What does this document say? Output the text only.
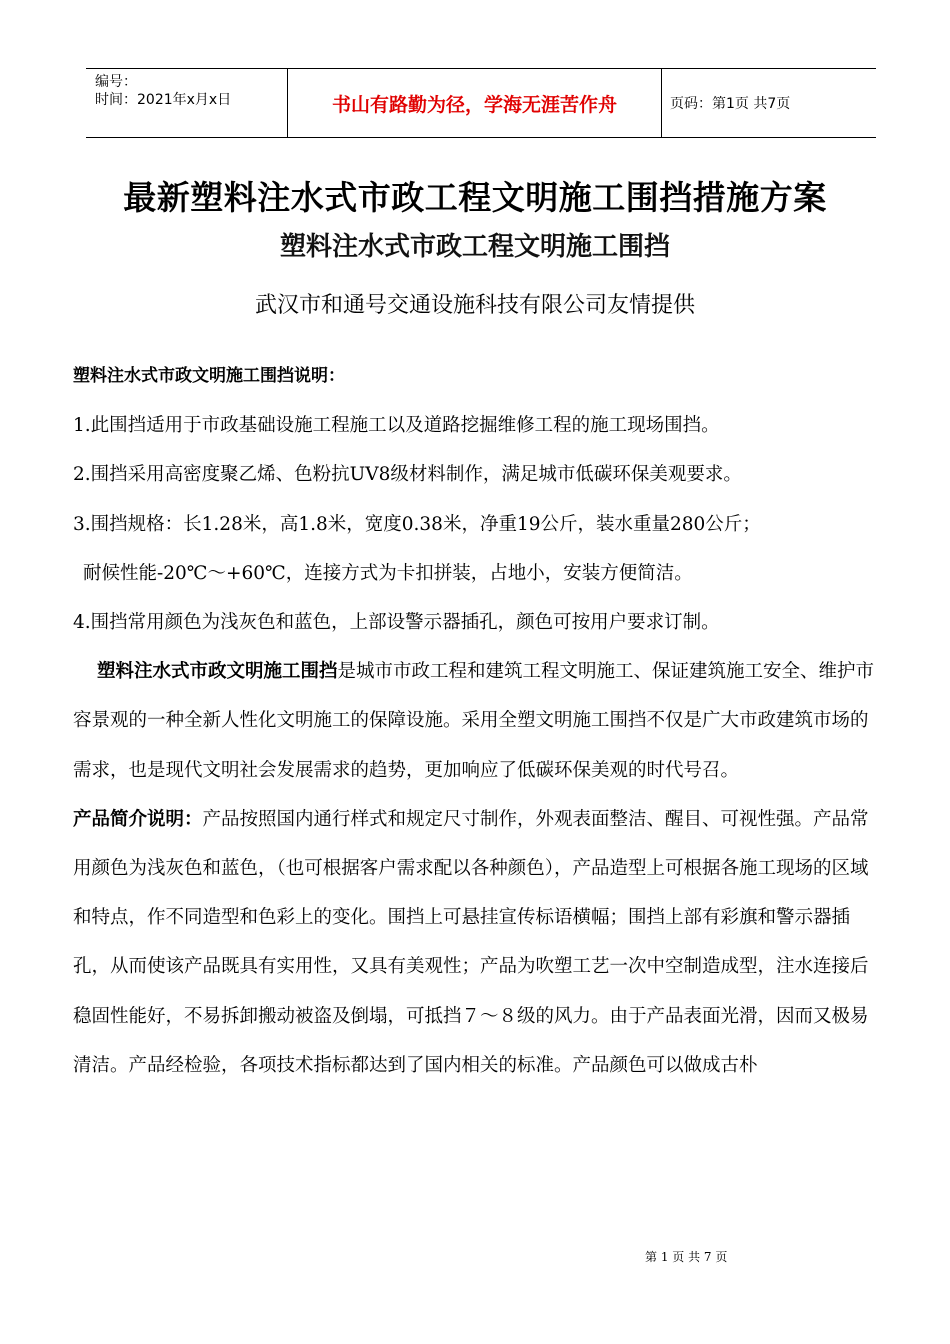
编号：
时间：2021年x月x日	书山有路勤为径，学海无涯苦作舟	页码：第1页 共7页
最新塑料注水式市政工程文明施工围挡措施方案
塑料注水式市政工程文明施工围挡
武汉市和通号交通设施科技有限公司友情提供

塑料注水式市政文明施工围挡说明：

1.此围挡适用于市政基础设施工程施工以及道路挖掘维修工程的施工现场围挡。

2.围挡采用高密度聚乙烯、色粉抗UV8级材料制作，满足城市低碳环保美观要求。

3.围挡规格：长1.28米，高1.8米，宽度0.38米，净重19公斤，装水重量280公斤；

耐候性能-20℃～+60℃，连接方式为卡扣拼装，占地小，安装方便简洁。

4.围挡常用颜色为浅灰色和蓝色，上部设警示器插孔，颜色可按用户要求订制。

塑料注水式市政文明施工围挡是城市市政工程和建筑工程文明施工、保证建筑施工安全、维护市容景观的一种全新人性化文明施工的保障设施。采用全塑文明施工围挡不仅是广大市政建筑市场的需求，也是现代文明社会发展需求的趋势，更加响应了低碳环保美观的时代号召。

产品简介说明：产品按照国内通行样式和规定尺寸制作，外观表面整洁、醒目、可视性强。产品常用颜色为浅灰色和蓝色，（也可根据客户需求配以各种颜色），产品造型上可根据各施工现场的区域和特点，作不同造型和色彩上的变化。围挡上可悬挂宣传标语横幅；围挡上部有彩旗和警示器插孔，从而使该产品既具有实用性，又具有美观性；产品为吹塑工艺一次中空制造成型，注水连接后稳固性能好，不易拆卸搬动被盗及倒塌，可抵挡７～８级的风力。由于产品表面光滑，因而又极易清洁。产品经检验，各项技术指标都达到了国内相关的标准。产品颜色可以做成古朴

第 1 页 共 7 页
